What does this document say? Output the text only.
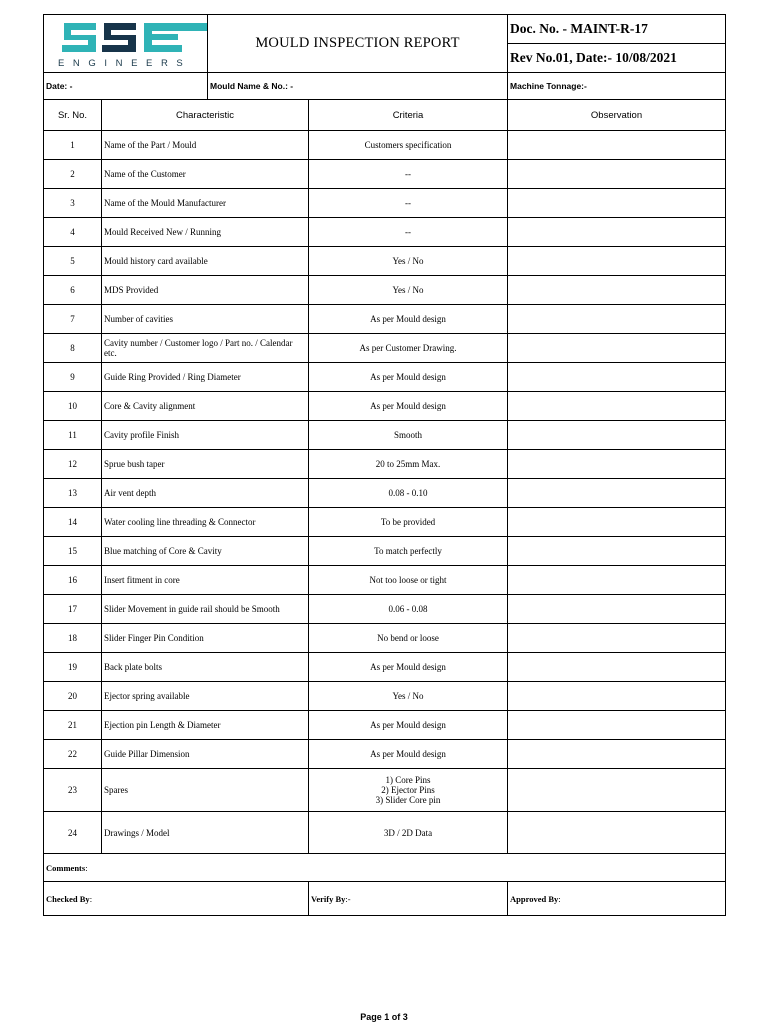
ENGINEERS		MOULD INSPECTION REPORT		Doc. No. - MAINT-R-17
				Rev No.01, Date:- 10/08/2021
Date: -		Mould Name & No.: -		Machine Tonnage:-
Sr. No.	Characteristic		Criteria	Observation
1	Name of the Part / Mould		Customers specification	
2	Name of the Customer		--	
3	Name of the Mould Manufacturer		--	
4	Mould Received New / Running		--	
5	Mould history card available		Yes / No	
6	MDS Provided		Yes / No	
7	Number of cavities		As per Mould design	
8	Cavity number / Customer logo / Part no. / Calendar etc.		As per Customer Drawing.	
9	Guide Ring Provided / Ring Diameter		As per Mould design	
10	Core & Cavity alignment		As per Mould design	
11	Cavity profile Finish		Smooth	
12	Sprue bush taper		20 to 25mm Max.	
13	Air vent depth		0.08 - 0.10	
14	Water cooling line threading & Connector		To be provided	
15	Blue matching of Core & Cavity		To match perfectly	
16	Insert fitment in core		Not too loose or tight	
17	Slider Movement in guide rail should be Smooth		0.06 - 0.08	
18	Slider Finger Pin Condition		No bend or loose	
19	Back plate bolts		As per Mould design	
20	Ejector spring available		Yes / No	
21	Ejection pin Length & Diameter		As per Mould design	
22	Guide Pillar Dimension		As per Mould design	
23	Spares		1) Core Pins
2) Ejector Pins
3) Slider Core pin	

24	Drawings / Model		3D / 2D Data	
Comments:				
Checked By:			Verify By:-	Approved By:
Page 1 of 3
